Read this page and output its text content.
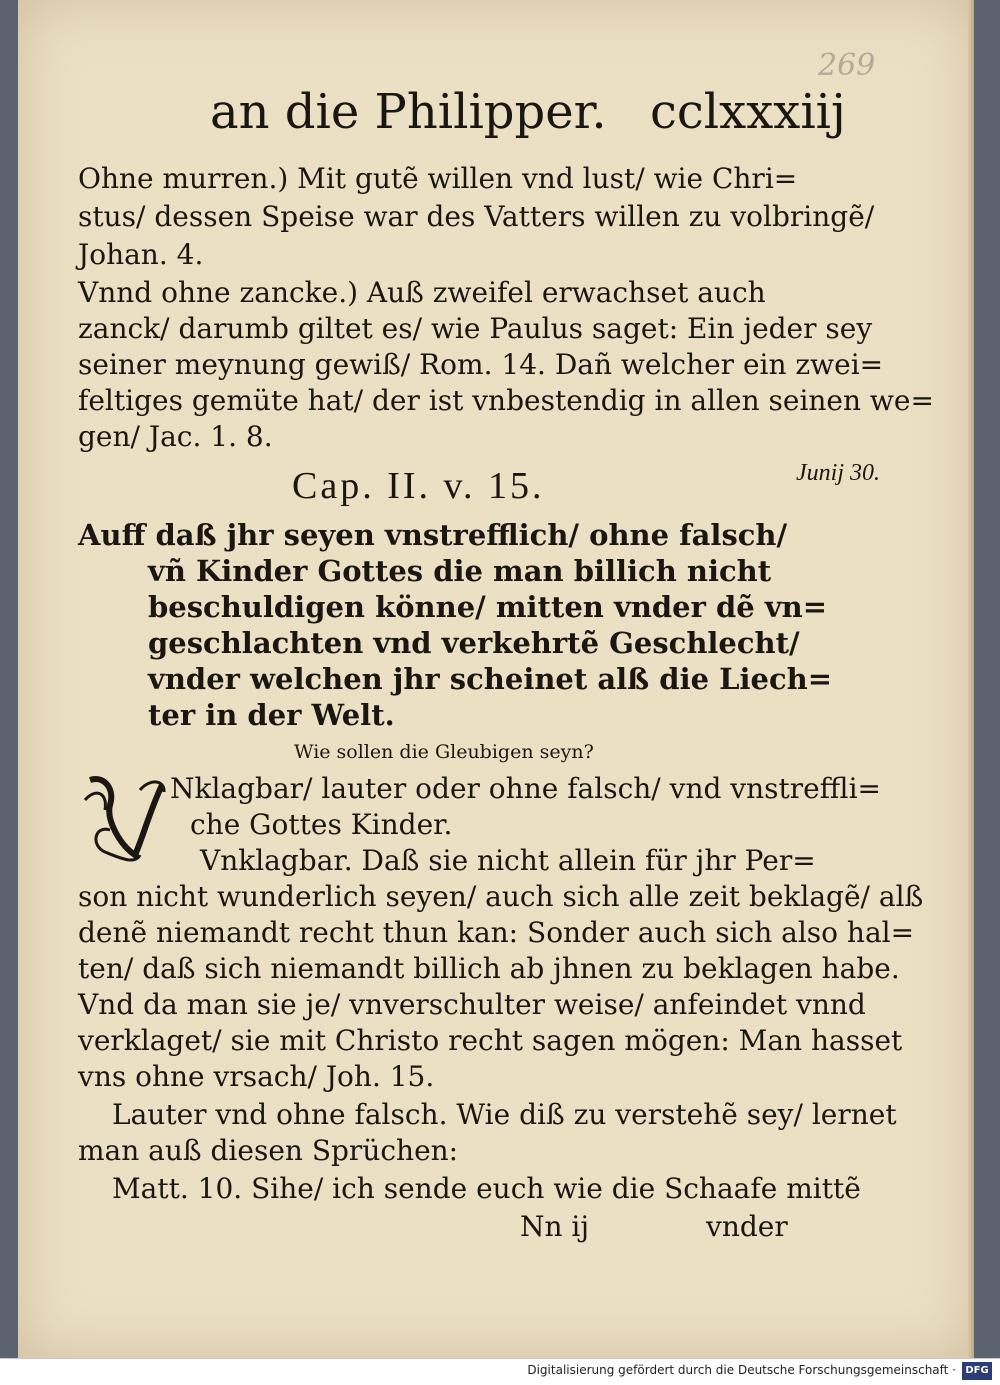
269
an die Philipper. cclxxxiij
Ohne murren.) Mit gutẽ willen vnd lust/ wie Chri=
stus/ dessen Speise war des Vatters willen zu volbringẽ/
Johan. 4.
Vnnd ohne zancke.) Auß zweifel erwachset auch
zanck/ darumb giltet es/ wie Paulus saget: Ein jeder sey
seiner meynung gewiß/ Rom. 14. Dañ welcher ein zwei=
feltiges gemüte hat/ der ist vnbestendig in allen seinen we=
gen/ Jac. 1. 8.
Cap. II. v. 15.	Junij 30.
Auff daß jhr seyen vnstrefflich/ ohne falsch/
vñ Kinder Gottes die man billich nicht
beschuldigen könne/ mitten vnder dẽ vn=
geschlachten vnd verkehrtẽ Geschlecht/
vnder welchen jhr scheinet alß die Liech=
ter in der Welt.
Wie sollen die Gleubigen seyn?
Nklagbar/ lauter oder ohne falsch/ vnd vnstreffli=
che Gottes Kinder.
Vnklagbar. Daß sie nicht allein für jhr Per=
son nicht wunderlich seyen/ auch sich alle zeit beklagẽ/ alß
denẽ niemandt recht thun kan: Sonder auch sich also hal=
ten/ daß sich niemandt billich ab jhnen zu beklagen habe.
Vnd da man sie je/ vnverschulter weise/ anfeindet vnnd
verklaget/ sie mit Christo recht sagen mögen: Man hasset
vns ohne vrsach/ Joh. 15.
Lauter vnd ohne falsch. Wie diß zu verstehẽ sey/ lernet
man auß diesen Sprüchen:
Matt. 10. Sihe/ ich sende euch wie die Schaafe mittẽ
Nn ij	vnder
Digitalisierung gefördert durch die Deutsche Forschungsgemeinschaft · DFG
